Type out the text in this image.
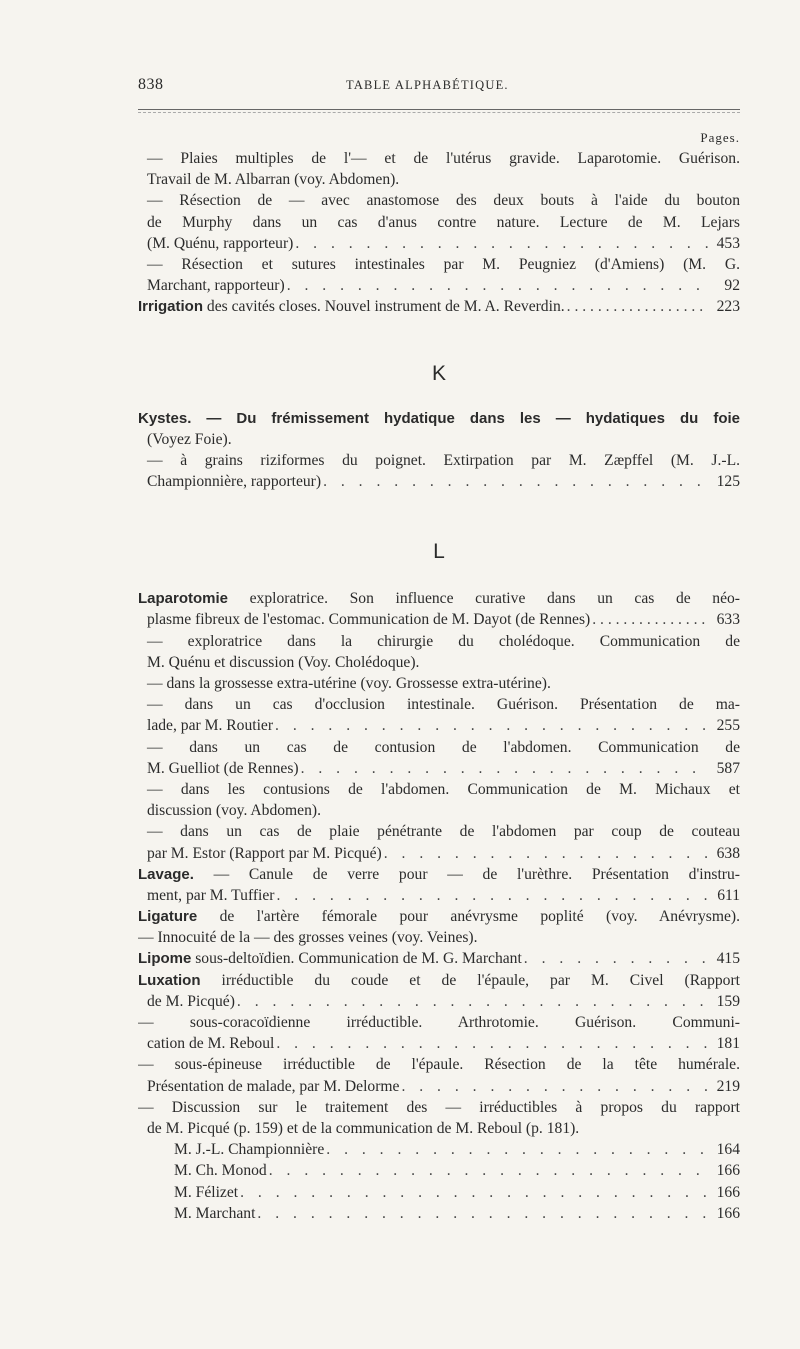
838	TABLE ALPHABÉTIQUE.
Pages.
— Plaies multiples de l'— et de l'utérus gravide. Laparotomie. Guérison.
Travail de M. Albarran (voy. Abdomen).
— Résection de — avec anastomose des deux bouts à l'aide du bouton
de Murphy dans un cas d'anus contre nature. Lecture de M. Lejars
(M. Quénu, rapporteur) . . .	453
— Résection et sutures intestinales par M. Peugniez (d'Amiens) (M. G.
Marchant, rapporteur) . . .	92
Irrigation des cavités closes. Nouvel instrument de M. A. Reverdin. . . .	223
K
Kystes. — Du frémissement hydatique dans les — hydatiques du foie
(Voyez Foie).
— à grains riziformes du poignet. Extirpation par M. Zæpffel (M. J.-L.
Championnière, rapporteur) . . .	125
L
Laparotomie exploratrice. Son influence curative dans un cas de néo-
plasme fibreux de l'estomac. Communication de M. Dayot (de Rennes) . . .	633
— exploratrice dans la chirurgie du cholédoque. Communication de
M. Quénu et discussion (Voy. Cholédoque).
— dans la grossesse extra-utérine (voy. Grossesse extra-utérine).
— dans un cas d'occlusion intestinale. Guérison. Présentation de ma-
lade, par M. Routier . . .	255
— dans un cas de contusion de l'abdomen. Communication de
M. Guelliot (de Rennes) . . .	587
— dans les contusions de l'abdomen. Communication de M. Michaux et
discussion (voy. Abdomen).
— dans un cas de plaie pénétrante de l'abdomen par coup de couteau
par M. Estor (Rapport par M. Picqué) . . .	638
Lavage. — Canule de verre pour — de l'urèthre. Présentation d'instru-
ment, par M. Tuffier . . .	611
Ligature de l'artère fémorale pour anévrysme poplité (voy. Anévrysme).
— Innocuité de la — des grosses veines (voy. Veines).
Lipome sous-deltoïdien. Communication de M. G. Marchant . . .	415
Luxation irréductible du coude et de l'épaule, par M. Civel (Rapport
de M. Picqué) . . .	159
— sous-coracoïdienne irréductible. Arthrotomie. Guérison. Communi-
cation de M. Reboul . . .	181
— sous-épineuse irréductible de l'épaule. Résection de la tête humérale.
Présentation de malade, par M. Delorme . . .	219
— Discussion sur le traitement des — irréductibles à propos du rapport
de M. Picqué (p. 159) et de la communication de M. Reboul (p. 181).
M. J.-L. Championnière . . .	164
M. Ch. Monod . . .	166
M. Félizet . . .	166
M. Marchant . . .	166
